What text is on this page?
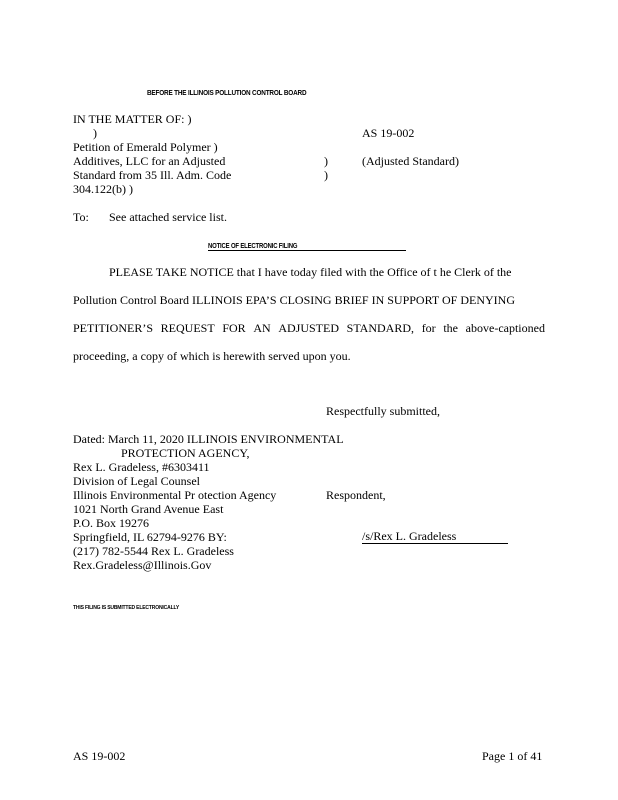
BEFORE THE ILLINOIS POLLUTION CONTROL BOARD
IN THE MATTER OF: )
)
Petition of Emerald Polymer )
Additives, LLC for an Adjusted
Standard from 35 Ill. Adm. Code
304.122(b) )
)
)
AS 19-002
(Adjusted Standard)
To: See attached service list.
NOTICE OF ELECTRONIC FILING
PLEASE TAKE NOTICE that I have today filed with the Office of t he Clerk of the
Pollution Control Board ILLINOIS EPA’S CLOSING BRIEF IN SUPPORT OF DENYING
PETITIONER’S REQUEST FOR AN ADJUSTED STANDARD, for the above-captioned
proceeding, a copy of which is herewith served upon you.
Respectfully submitted,
Dated: March 11, 2020 ILLINOIS ENVIRONMENTAL
PROTECTION AGENCY,
Rex L. Gradeless, #6303411
Division of Legal Counsel
Illinois Environmental Pr otection Agency	Respondent,
1021 North Grand Avenue East
P.O. Box 19276
Springfield, IL 62794-9276 BY:	/s/Rex L. Gradeless
(217) 782-5544 Rex L. Gradeless
Rex.Gradeless@Illinois.Gov
THIS FILING IS SUBMITTED ELECTRONICALLY
AS 19-002	Page 1 of 41
